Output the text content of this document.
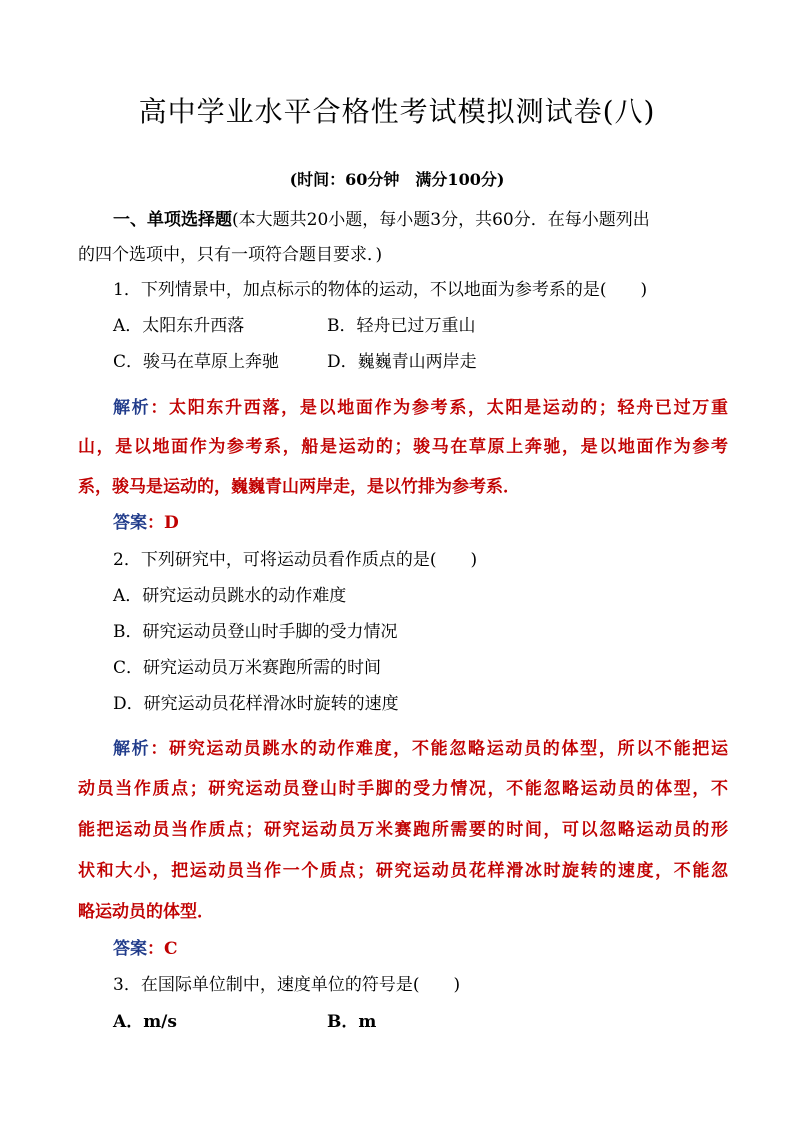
高中学业水平合格性考试模拟测试卷(八)
(时间：60分钟　满分100分)
一、单项选择题(本大题共20小题，每小题3分，共60分．在每小题列出
的四个选项中，只有一项符合题目要求．)
1．下列情景中，加点标示的物体的运动，不以地面为参考系的是(　　)
A．太阳东升西落	B．轻舟已过万重山
C．骏马在草原上奔驰	D．巍巍青山两岸走
解析：太阳东升西落，是以地面作为参考系，太阳是运动的；轻舟已过万重
山，是以地面作为参考系，船是运动的；骏马在草原上奔驰，是以地面作为参考
系，骏马是运动的，巍巍青山两岸走，是以竹排为参考系．
答案：D
2．下列研究中，可将运动员看作质点的是(　　)
A．研究运动员跳水的动作难度
B．研究运动员登山时手脚的受力情况
C．研究运动员万米赛跑所需的时间
D．研究运动员花样滑冰时旋转的速度
解析：研究运动员跳水的动作难度，不能忽略运动员的体型，所以不能把运
动员当作质点；研究运动员登山时手脚的受力情况，不能忽略运动员的体型，不
能把运动员当作质点；研究运动员万米赛跑所需要的时间，可以忽略运动员的形
状和大小，把运动员当作一个质点；研究运动员花样滑冰时旋转的速度，不能忽
略运动员的体型．
答案：C
3．在国际单位制中，速度单位的符号是(　　)
A．m/s	B．m
